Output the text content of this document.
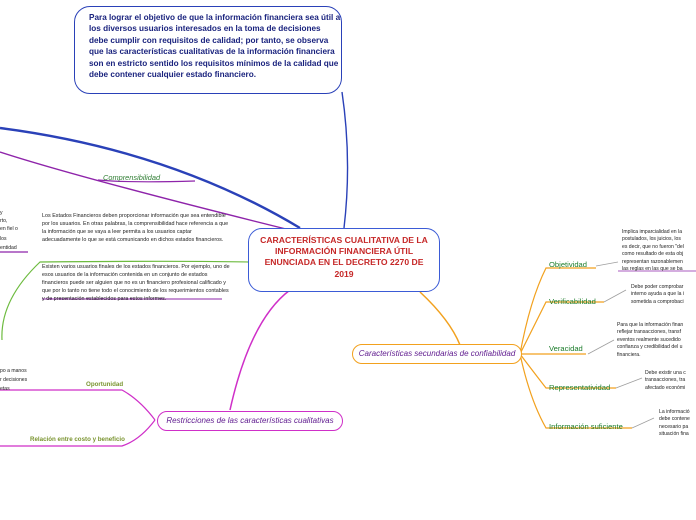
Para lograr el objetivo de que la información financiera sea útil a los diversos usuarios interesados en la toma de decisiones debe cumplir con requisitos de calidad; por tanto, se observa que las características cualitativas de la información financiera son en estricto sentido los requisitos mínimos de la calidad que debe contener cualquier estado financiero.
CARACTERÍSTICAS CUALITATIVA DE LA INFORMACIÓN FINANCIERA ÚTIL ENUNCIADA EN EL DECRETO 2270 DE 2019
Comprensibilidad
Los Estados Financieros deben proporcionar información que sea entendible por los usuarios. En otras palabras, la comprensibilidad hace referencia a que la información que se vaya a leer permita a los usuarios captar adecuadamente lo que se está comunicando en dichos estados financieros.
Existen varios usuarios finales de los estados financieros. Por ejemplo, uno de esos usuarios de la información contenida en un conjunto de estados financieros puede ser alguien que no es un financiero profesional calificado y que por lo tanto no tiene todo el conocimiento de los requerimientos contables y de presentación establecidos para estos informes.
y
rto,
en fiel o
los
entidad
Restricciones de las características cualitativas
Oportunidad
po a manos
r decisiones
etas
Relación entre costo y beneficio
Características secundarias de confiabilidad
Objetividad
Verificabilidad
Veracidad
Representatividad
Información suficiente
Implica imparcialidad en la
postulados, los juicios, los
es decir, que no fueron "del
como resultado de esta obj
representan razonablemen
las reglas en las que se ba
Debe poder comprobar
interno ayuda a que la i
sometida a comprobaci
Para que la información finan
reflejar transacciones, transf
eventos realmente sucedido
confianza y credibilidad del u
financiera.
Debe existir una c
transacciones, tra
afectado económi
La informació
debe contene
necesario pa
situación fina
